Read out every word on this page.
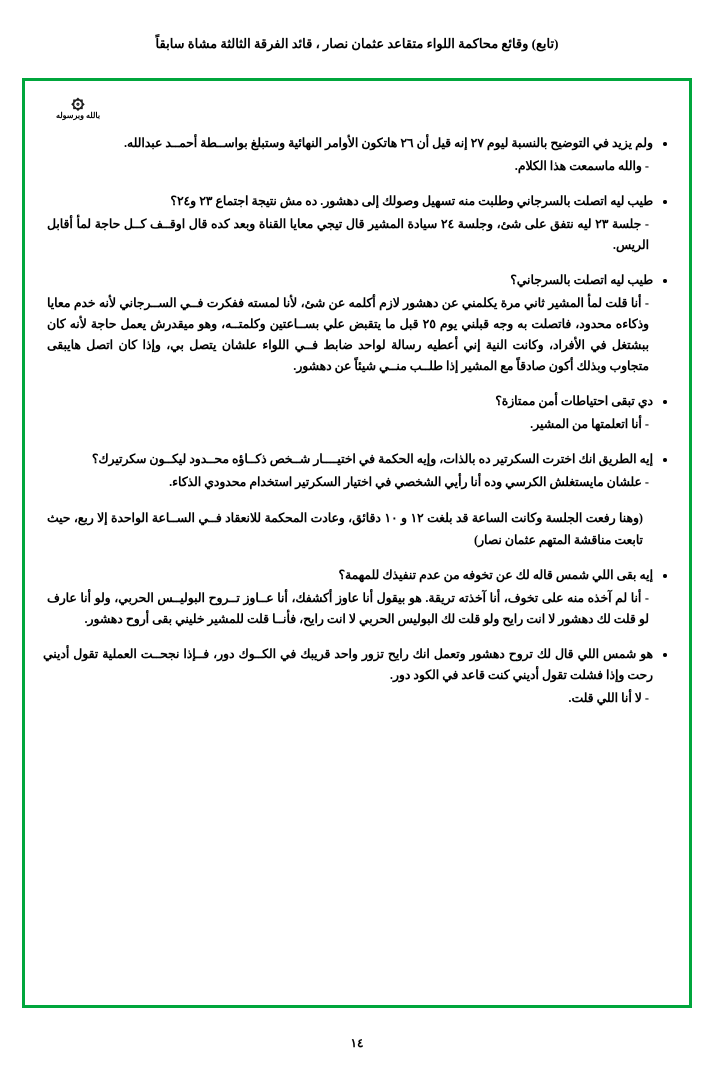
(تابع) وقائع محاكمة اللواء متقاعد عثمان نصار ، قائد الفرقة الثالثة مشاة سابقاً
۞
بالله وبرسوله
• ولم يزيد في التوضيح بالنسبة ليوم ٢٧ إنه قيل أن ٢٦ هاتكون الأوامر النهائية وستبلغ بواســطة أحمــد عبدالله.
- والله ماسمعت هذا الكلام.
• طيب ليه اتصلت بالسرجاني وطلبت منه تسهيل وصولك إلى دهشور. ده مش نتيجة اجتماع ٢٣ و٢٤؟
- جلسة ٢٣ ليه نتفق على شئ، وجلسة ٢٤ سيادة المشير قال تيجي معايا القناة وبعد كده قال اوقــف كــل حاجة لمأ أقابل الريس.
• طيب ليه اتصلت بالسرجاني؟
- أنا قلت لمأ المشير ثاني مرة يكلمني عن دهشور لازم أكلمه عن شئ، لأنا لمسته ففكرت فــي الســرجاني لأنه خدم معايا وذكاءه محدود، فاتصلت به وجه قبلني يوم ٢٥ قبل ما يتقبض علي بســاعتين وكلمتــه، وهو ميقدرش يعمل حاجة لأنه كان ببشتغل في الأفراد، وكانت النية إني أعطيه رسالة لواحد ضابط فــي اللواء علشان يتصل بي، وإذا كان اتصل هايبقى متجاوب وبذلك أكون صادقاً مع المشير إذا طلــب منــي شيئاً عن دهشور.
• دي تبقى احتياطات أمن ممتازة؟
- أنا اتعلمتها من المشير.
• إيه الطريق انك اخترت السكرتير ده بالذات، وإيه الحكمة في اختيــــار شــخص ذكــاؤه محــدود ليكــون سكرتيرك؟
- علشان مايستغلش الكرسي وده أنا رأيي الشخصي في اختيار السكرتير استخدام محدودي الذكاء.
(وهنا رفعت الجلسة وكانت الساعة قد بلغت ١٢ و ١٠ دقائق، وعادت المحكمة للانعقاد فــي الســاعة الواحدة إلا ربع، حيث تابعت مناقشة المتهم عثمان نصار)
• إيه بقى اللي شمس قاله لك عن تخوفه من عدم تنفيذك للمهمة؟
- أنا لم آخذه منه على تخوف، أنا آخذته تريقة. هو بيقول أنا عاوز أكشفك، أنا عــاوز تــروح البوليــس الحربي، ولو أنا عارف لو قلت لك دهشور لا انت رايح ولو قلت لك البوليس الحربي لا انت رايح، فأنــا قلت للمشير خليني بقى أروح دهشور.
• هو شمس اللي قال لك تروح دهشور وتعمل انك رايح تزور واحد قريبك في الكــوك دور، فــإذا نجحــت العملية تقول أديني رحت وإذا فشلت تقول أديني كنت قاعد في الكود دور.
- لا أنا اللي قلت.
١٤
